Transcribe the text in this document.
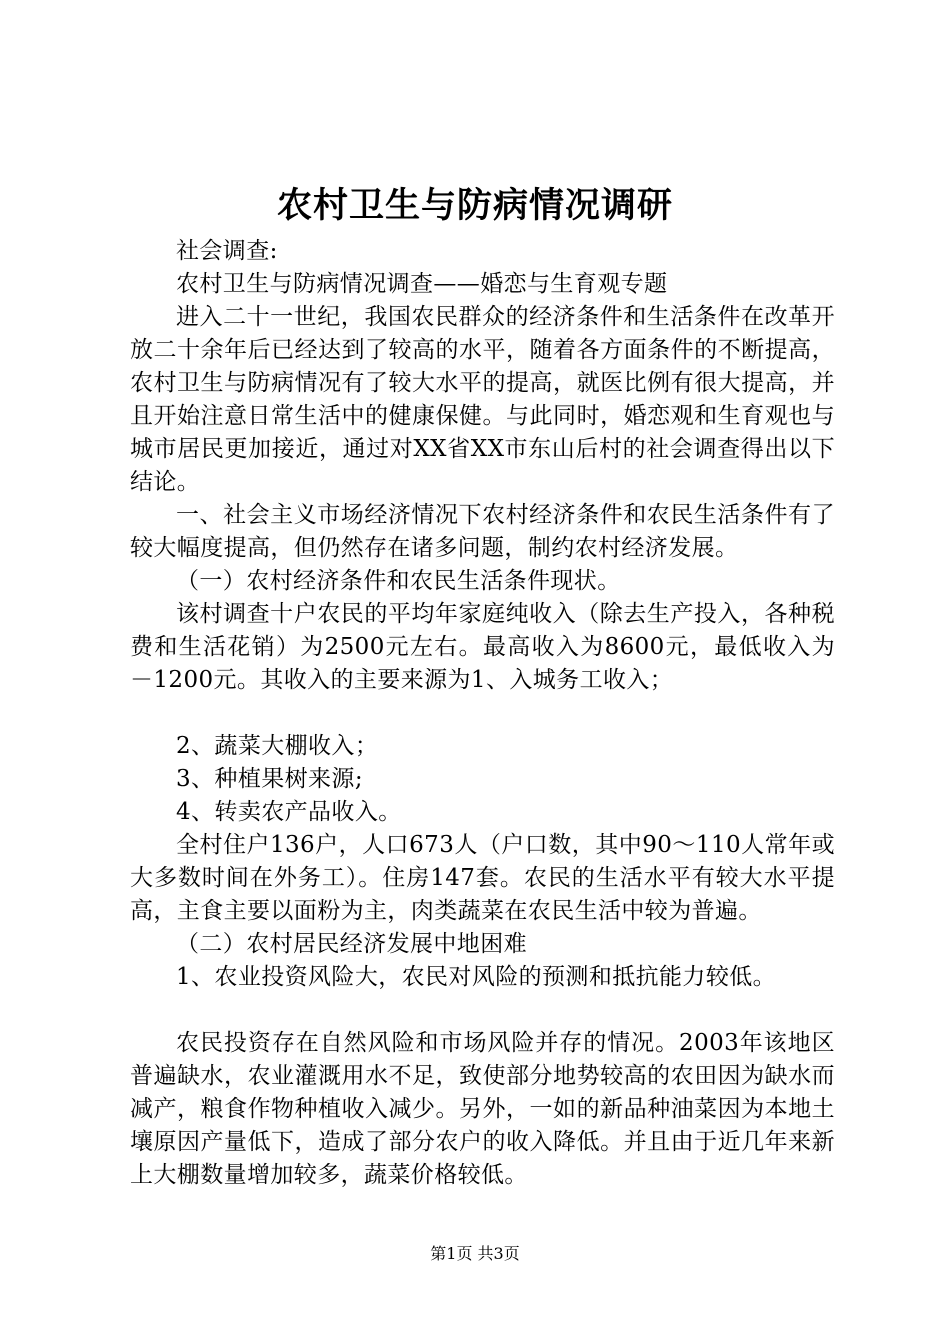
农村卫生与防病情况调研

社会调查:

农村卫生与防病情况调查——婚恋与生育观专题

进入二十一世纪，我国农民群众的经济条件和生活条件在改革开放二十余年后已经达到了较高的水平，随着各方面条件的不断提高，农村卫生与防病情况有了较大水平的提高，就医比例有很大提高，并且开始注意日常生活中的健康保健。与此同时，婚恋观和生育观也与城市居民更加接近，通过对XX省XX市东山后村的社会调查得出以下结论。

一、社会主义市场经济情况下农村经济条件和农民生活条件有了较大幅度提高，但仍然存在诸多问题，制约农村经济发展。

（一）农村经济条件和农民生活条件现状。

该村调查十户农民的平均年家庭纯收入（除去生产投入，各种税费和生活花销）为2500元左右。最高收入为8600元，最低收入为－1200元。其收入的主要来源为1、入城务工收入；

2、蔬菜大棚收入；

3、种植果树来源;

4、转卖农产品收入。

全村住户136户，人口673人（户口数，其中90～110人常年或大多数时间在外务工）。住房147套。农民的生活水平有较大水平提高，主食主要以面粉为主，肉类蔬菜在农民生活中较为普遍。

（二）农村居民经济发展中地困难

1、农业投资风险大，农民对风险的预测和抵抗能力较低。

农民投资存在自然风险和市场风险并存的情况。2003年该地区普遍缺水，农业灌溉用水不足，致使部分地势较高的农田因为缺水而减产，粮食作物种植收入减少。另外，一如的新品种油菜因为本地土壤原因产量低下，造成了部分农户的收入降低。并且由于近几年来新上大棚数量增加较多，蔬菜价格较低。

第1页 共3页
